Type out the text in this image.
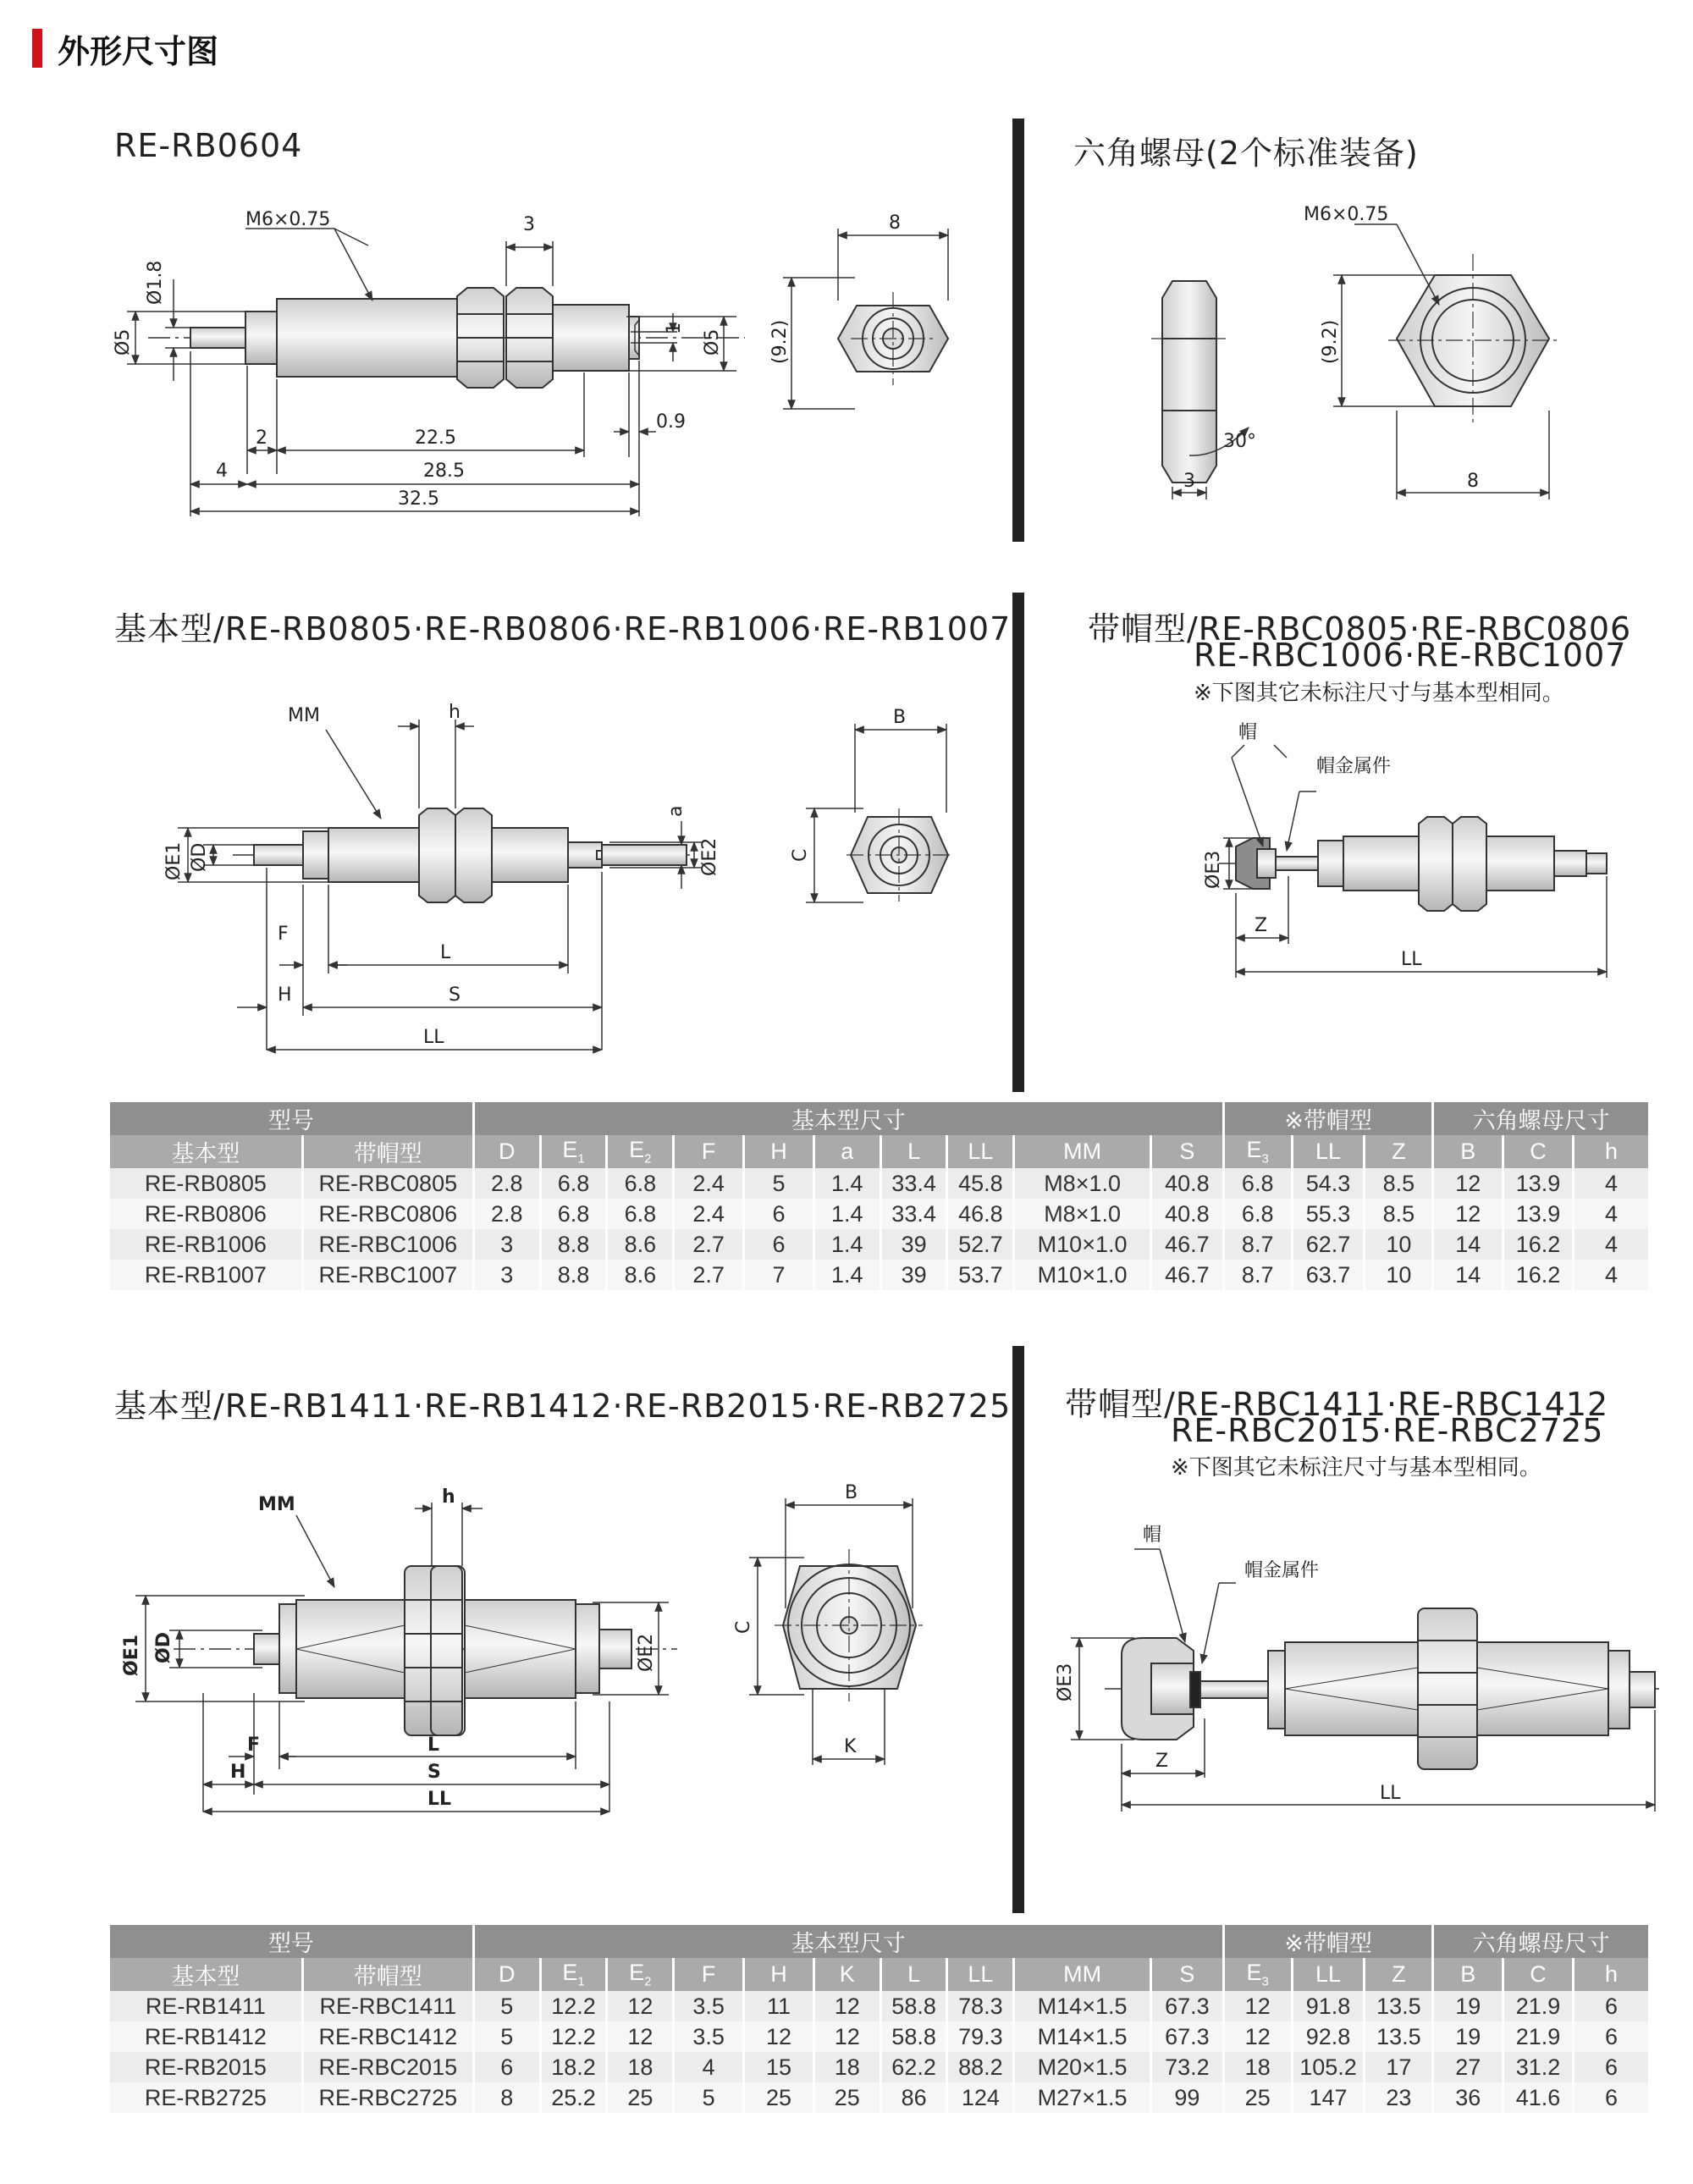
外形尺寸图
RE-RB0604	六角螺母(2个标准装备)
基本型/RE-RB0805·RE-RB0806·RE-RB1006·RE-RB1007 带帽型/RE-RBC0805·RE-RBC0806
RE-RBC1006·RE-RBC1007
※下图其它未标注尺寸与基本型相同。
基本型/RE-RB1411·RE-RB1412·RE-RB2015·RE-RB2725 带帽型/RE-RBC1411·RE-RBC1412
RE-RBC2015·RE-RBC2725
※下图其它未标注尺寸与基本型相同。
M6×0.75
Ø1.8
Ø5	Ø5
3
1
2	22.5
0.9
28.5
4
32.5
8
(9.2)
M6×0.75
(9.2)
30°
3	8
MM	h
a
ØE1 ØD	ØE2
F
L
H	S
LL
B
C
帽
帽金属件
ØE3
Z
LL
MM	h
ØE1 ØD	ØE2
F	L
H	S
LL
B
C
K
帽
帽金属件
ØE3
Z
LL
型号		基本型尺寸										※带帽型			六角螺母尺寸		
基本型	带帽型	D	$E_1$	$E_2$	F	H	a	L	LL	MM	S	$E_3$	LL	Z	B	C	h
RE-RB0805	RE-RBC0805	2.8	6.8	6.8	2.4	5	1.4	33.4	45.8	M8×1.0	40.8	6.8	54.3	8.5	12	13.9	4
RE-RB0806	RE-RBC0806	2.8	6.8	6.8	2.4	6	1.4	33.4	46.8	M8×1.0	40.8	6.8	55.3	8.5	12	13.9	4
RE-RB1006	RE-RBC1006	3	8.8	8.6	2.7	6	1.4	39	52.7	M10×1.0	46.7	8.7	62.7	10	14	16.2	4
RE-RB1007	RE-RBC1007	3	8.8	8.6	2.7	7	1.4	39	53.7	M10×1.0	46.7	8.7	63.7	10	14	16.2	4
型号		基本型尺寸										※带帽型			六角螺母尺寸		
基本型	带帽型	D	$E_1$	$E_2$	F	H	K	L	LL	MM	S	$E_3$	LL	Z	B	C	h
RE-RB1411	RE-RBC1411	5	12.2	12	3.5	11	12	58.8	78.3	M14×1.5	67.3	12	91.8	13.5	19	21.9	6
RE-RB1412	RE-RBC1412	5	12.2	12	3.5	12	12	58.8	79.3	M14×1.5	67.3	12	92.8	13.5	19	21.9	6
RE-RB2015	RE-RBC2015	6	18.2	18	4	15	18	62.2	88.2	M20×1.5	73.2	18	105.2	17	27	31.2	6
RE-RB2725	RE-RBC2725	8	25.2	25	5	25	25	86	124	M27×1.5	99	25	147	23	36	41.6	6
